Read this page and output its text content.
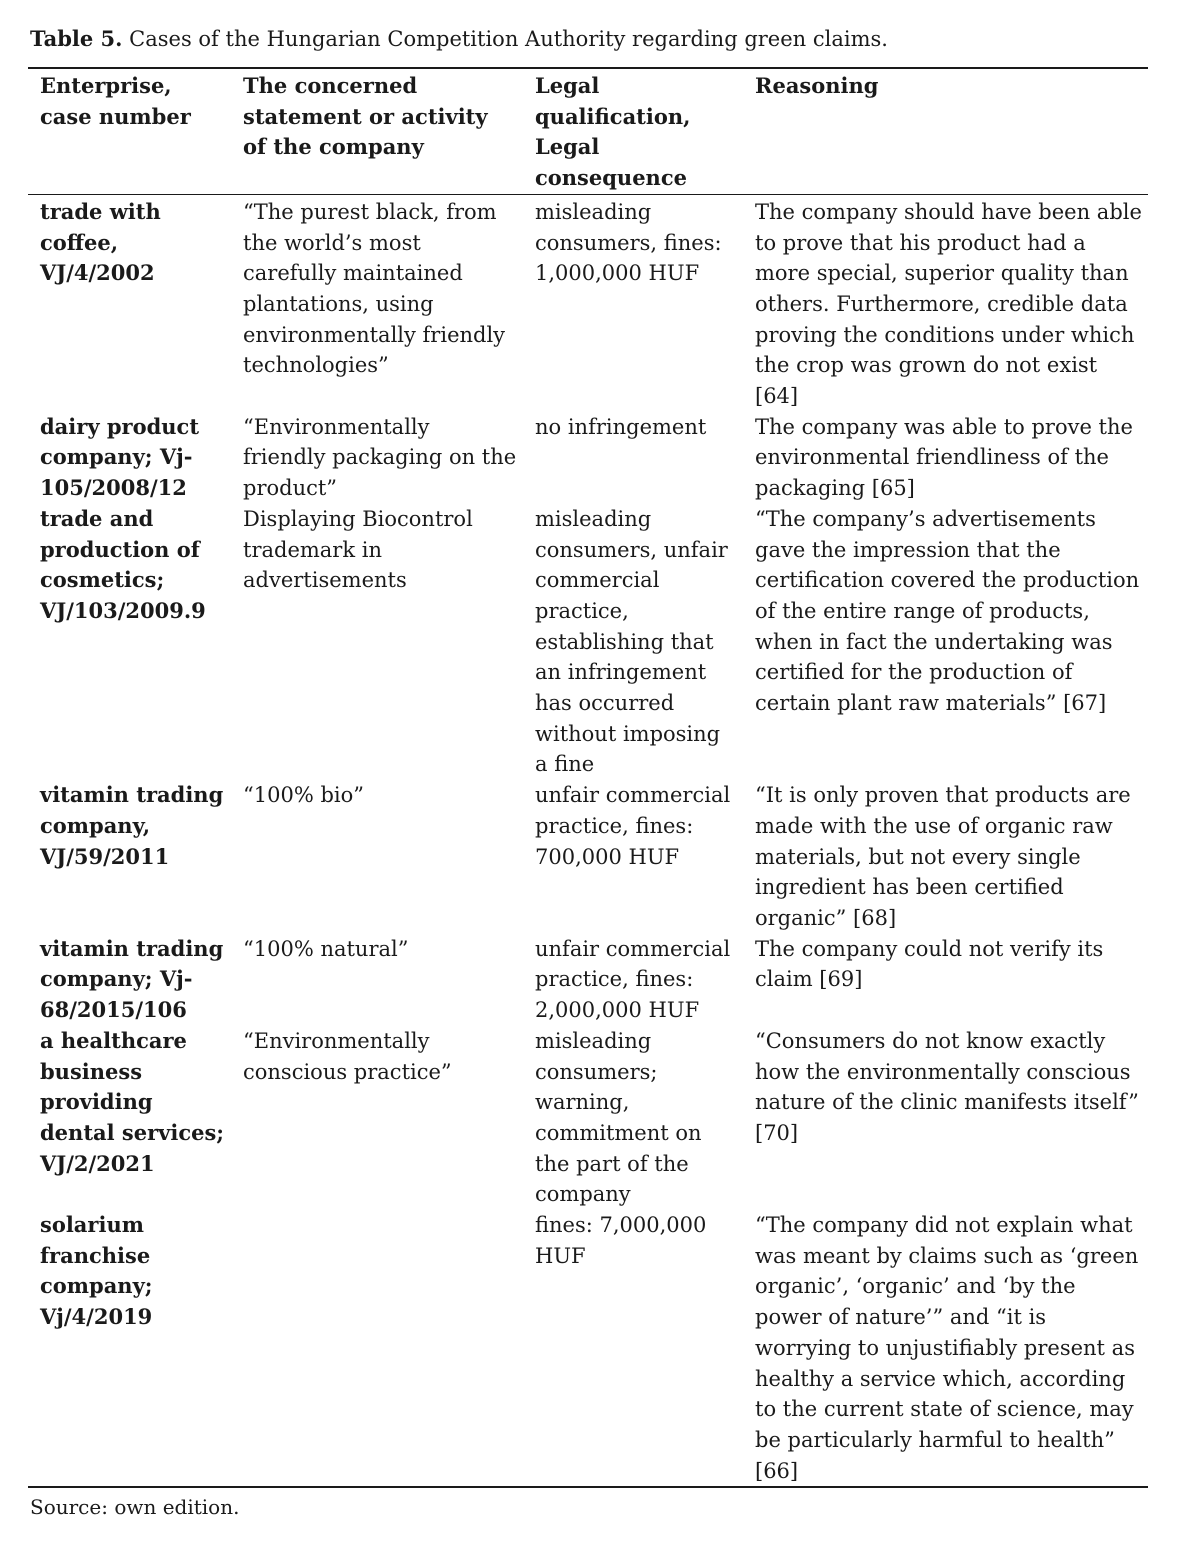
Table 5. Cases of the Hungarian Competition Authority regarding green claims.
Enterprise, case number	The concerned statement or activity of the company	Legal qualification, Legal consequence	Reasoning
trade with coffee, VJ/4/2002	“The purest black, from the world’s most carefully maintained plantations, using environmentally friendly technologies”	misleading consumers, fines: 1,000,000 HUF	The company should have been able to prove that his product had a more special, superior quality than others. Furthermore, credible data proving the conditions under which the crop was grown do not exist [64]
dairy product company; Vj-105/2008/12	“Environmentally friendly packaging on the product”	no infringement	The company was able to prove the environmental friendliness of the packaging [65]
trade and production of cosmetics; VJ/103/2009.9	Displaying Biocontrol trademark in advertisements	misleading consumers, unfair commercial practice, establishing that an infringement has occurred without imposing a fine	“The company’s advertisements gave the impression that the certification covered the production of the entire range of products, when in fact the undertaking was certified for the production of certain plant raw materials” [67]
vitamin trading company, VJ/59/2011	“100% bio”	unfair commercial practice, fines: 700,000 HUF	“It is only proven that products are made with the use of organic raw materials, but not every single ingredient has been certified organic” [68]
vitamin trading company; Vj-68/2015/106	“100% natural”	unfair commercial practice, fines: 2,000,000 HUF	The company could not verify its claim [69]
a healthcare business providing dental services; VJ/2/2021	“Environmentally conscious practice”	misleading consumers; warning, commitment on the part of the company	“Consumers do not know exactly how the environmentally conscious nature of the clinic manifests itself” [70]
solarium franchise company; Vj/4/2019		fines: 7,000,000 HUF	“The company did not explain what was meant by claims such as ‘green organic’, ‘organic’ and ‘by the power of nature’” and “it is worrying to unjustifiably present as healthy a service which, according to the current state of science, may be particularly harmful to health” [66]
Source: own edition.
